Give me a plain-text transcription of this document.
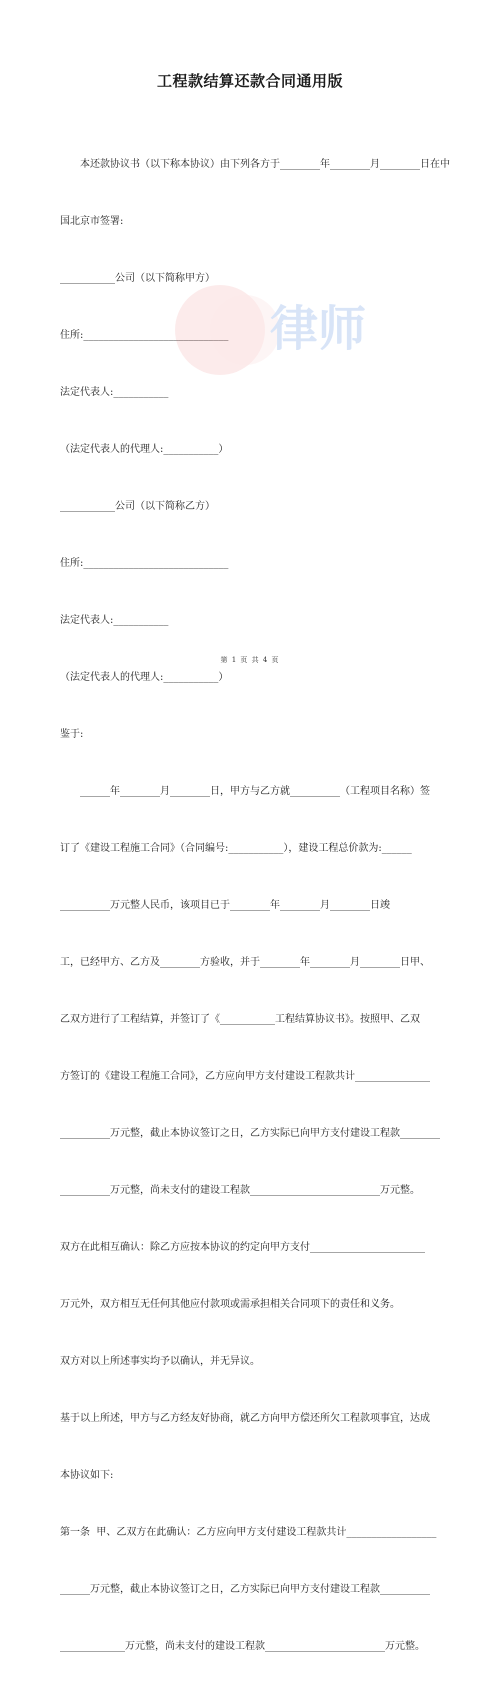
工程款结算还款合同通用版

本还款协议书（以下称本协议）由下列各方于________年________月________日在中

国北京市签署:

___________公司（以下简称甲方）

住所:_____________________________

法定代表人:___________

（法定代表人的代理人:___________）

___________公司（以下简称乙方）

住所:_____________________________

法定代表人:___________

（法定代表人的代理人:___________）

鉴于:

______年________月________日，甲方与乙方就__________（工程项目名称）签

订了《建设工程施工合同》（合同编号:___________），建设工程总价款为:______

__________万元整人民币，该项目已于________年________月________日竣

工，已经甲方、乙方及________方验收，并于________年________月________日甲、

乙双方进行了工程结算，并签订了《___________工程结算协议书》。按照甲、乙双

方签订的《建设工程施工合同》，乙方应向甲方支付建设工程款共计_______________

__________万元整，截止本协议签订之日，乙方实际已向甲方支付建设工程款________

__________万元整，尚未支付的建设工程款__________________________万元整。

双方在此相互确认：除乙方应按本协议的约定向甲方支付_______________________

万元外，双方相互无任何其他应付款项或需承担相关合同项下的责任和义务。

双方对以上所述事实均予以确认，并无异议。

基于以上所述，甲方与乙方经友好协商，就乙方向甲方偿还所欠工程款项事宜，达成

本协议如下:

第一条  甲、乙双方在此确认：乙方应向甲方支付建设工程款共计__________________

______万元整，截止本协议签订之日，乙方实际已向甲方支付建设工程款__________

_____________万元整，尚未支付的建设工程款________________________万元整。

律师
第 1 页 共 4 页
